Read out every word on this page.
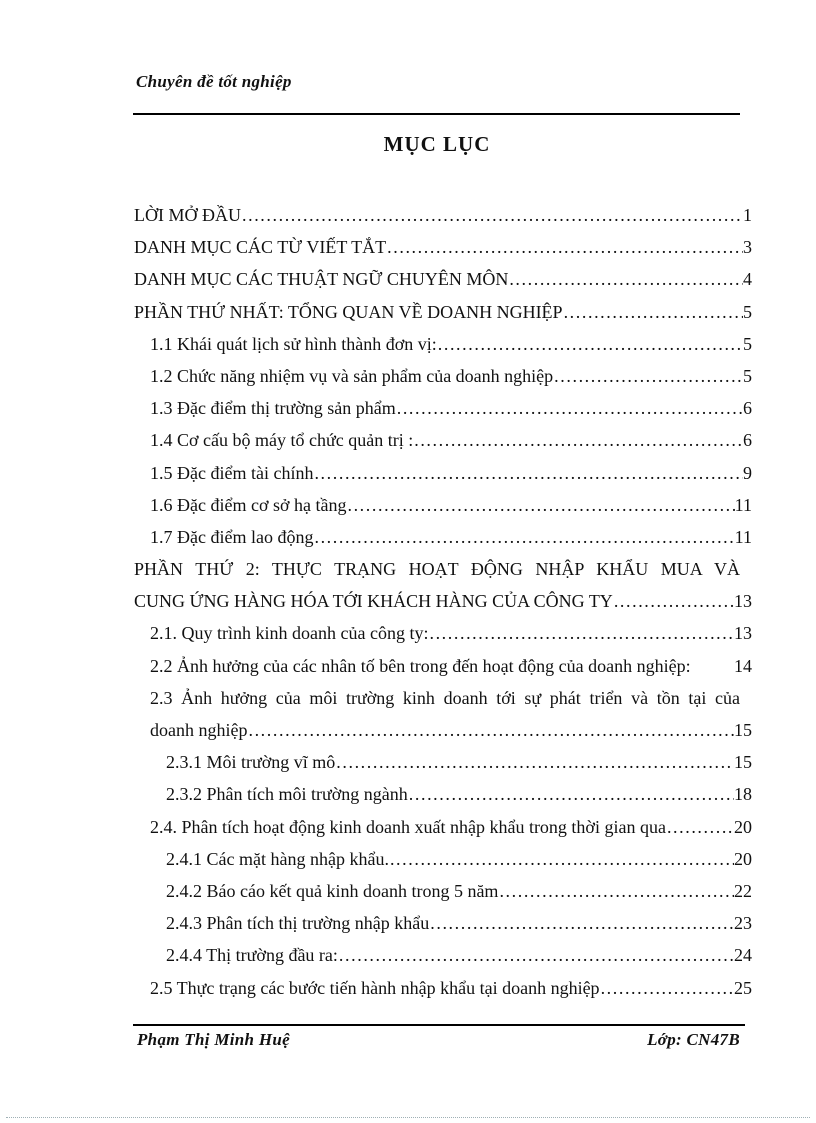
Chuyên đề tốt nghiệp
MỤC LỤC
LỜI MỞ ĐẦU .....	1
DANH MỤC CÁC TỪ VIẾT TẮT .....	3
DANH MỤC CÁC THUẬT NGỮ CHUYÊN MÔN .....	4
PHẦN THỨ NHẤT: TỔNG QUAN VỀ DOANH NGHIỆP .....	5
1.1 Khái quát lịch sử hình thành đơn vị: .....	5
1.2 Chức năng nhiệm vụ và sản phẩm của doanh nghiệp .....	5
1.3 Đặc điểm thị trường sản phẩm .....	6
1.4 Cơ cấu bộ máy tổ chức quản trị : .....	6
1.5 Đặc điểm tài chính .....	9
1.6 Đặc điểm cơ sở hạ tầng .....	11
1.7 Đặc điểm lao động .....	11
PHẦN THỨ 2: THỰC TRẠNG HOẠT ĐỘNG NHẬP KHẨU MUA VÀ
CUNG ỨNG HÀNG HÓA TỚI KHÁCH HÀNG CỦA CÔNG TY .....	13
2.1. Quy trình kinh doanh của công ty: .....	13
2.2 Ảnh hưởng của các nhân tố bên trong đến hoạt động của doanh nghiệp: 14
2.3 Ảnh hưởng của môi trường kinh doanh tới sự phát triển và tồn tại của
doanh nghiệp .....	15
2.3.1 Môi trường vĩ mô .....	15
2.3.2 Phân tích môi trường ngành .....	18
2.4. Phân tích hoạt động kinh doanh xuất nhập khẩu trong thời gian qua .....	20
2.4.1 Các mặt hàng nhập khẩu. .....	20
2.4.2 Báo cáo kết quả kinh doanh trong 5 năm .....	22
2.4.3 Phân tích thị trường nhập khẩu .....	23
2.4.4 Thị trường đầu ra: .....	24
2.5 Thực trạng các bước tiến hành nhập khẩu tại doanh nghiệp .....	25
Phạm Thị Minh Huệ	Lớp: CN47B
